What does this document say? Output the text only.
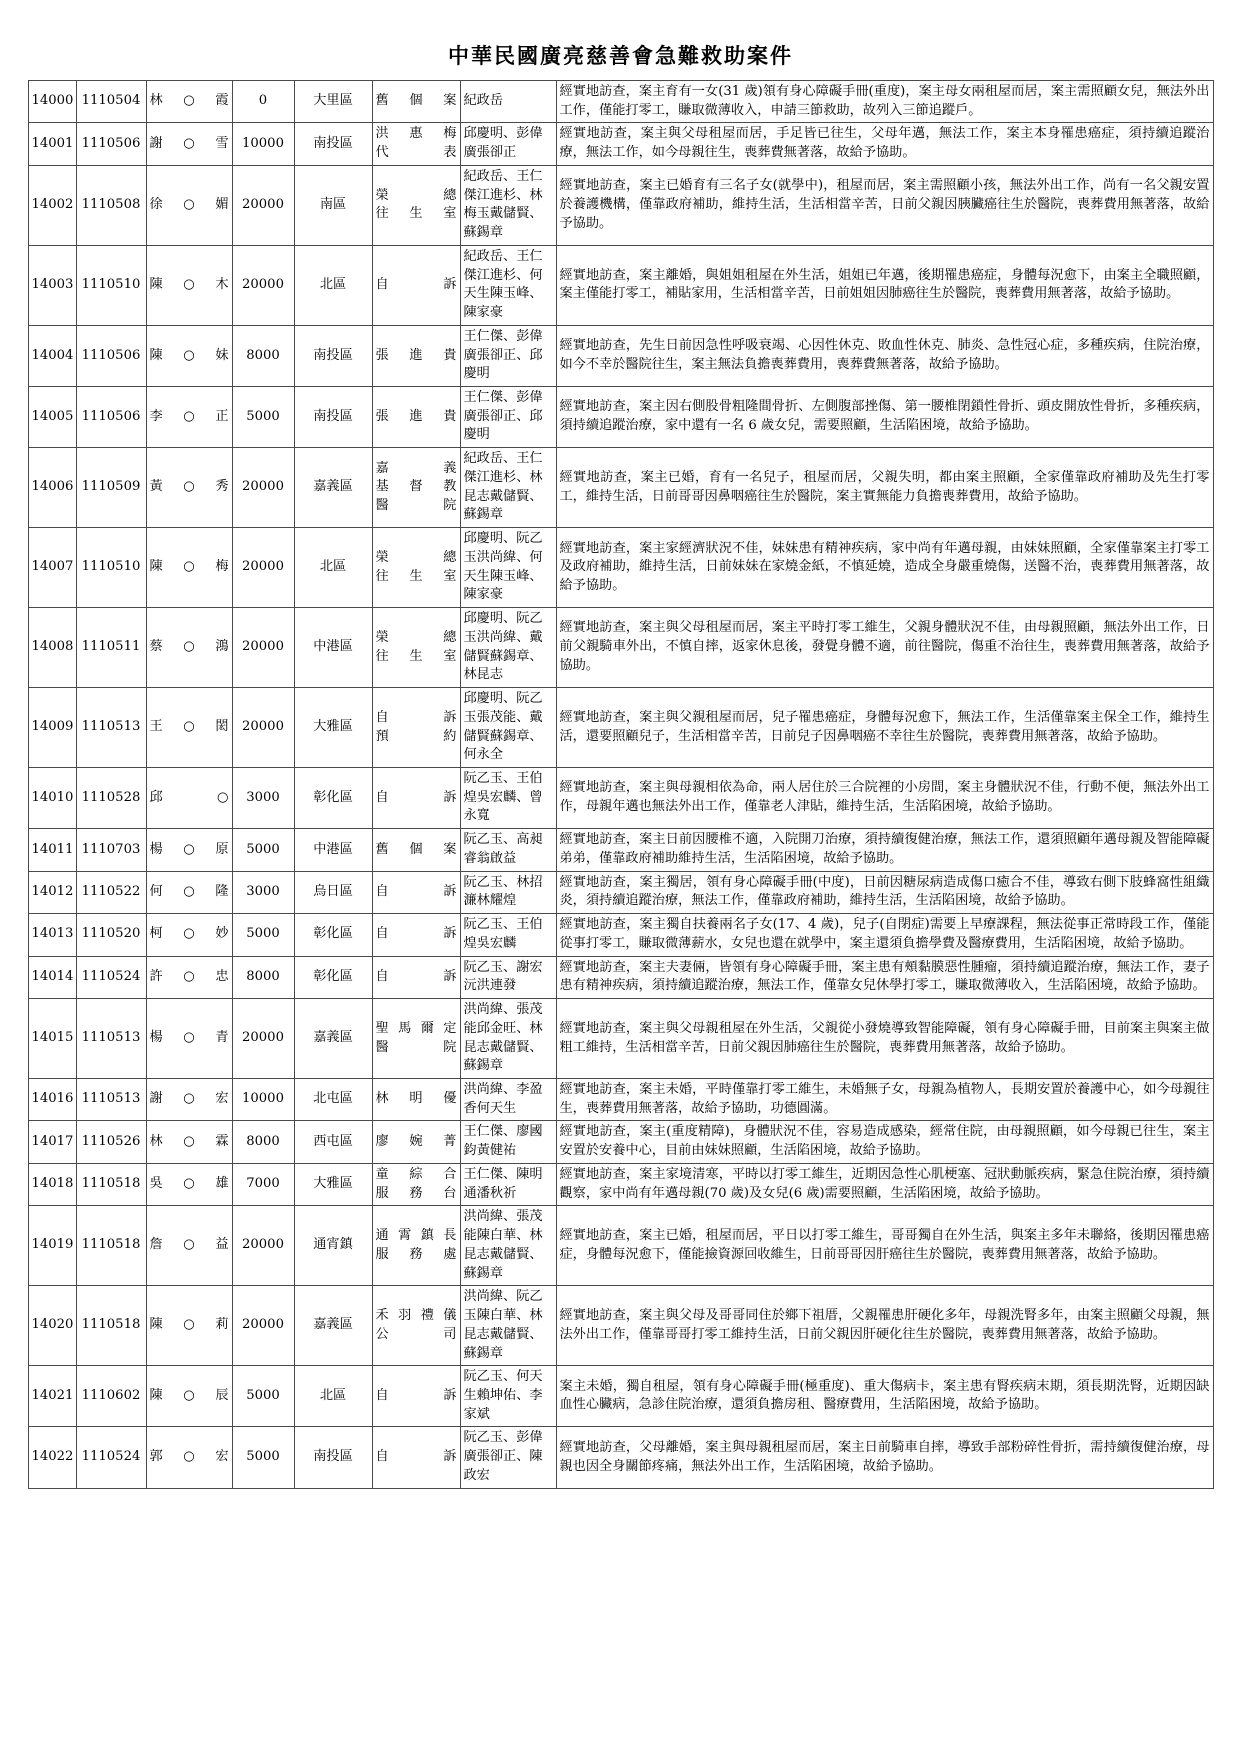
中華民國廣亮慈善會急難救助案件
14000	1110504	林 ○ 霞	0	大里區	舊 個 案	紀政岳	經實地訪查，案主育有一女(31 歲)領有身心障礙手冊(重度)，案主母女兩租屋而居，案主需照顧女兒，無法外出工作，僅能打零工，賺取微薄收入，申請三節救助，故列入三節追蹤戶。
14001	1110506	謝 ○ 雪	10000	南投區	洪 惠 梅
代 表	邱慶明、彭偉廣張卻正	經實地訪查，案主與父母租屋而居，手足皆已往生，父母年邁，無法工作，案主本身罹患癌症，須持續追蹤治療，無法工作，如今母親往生，喪葬費無著落，故給予協助。
14002	1110508	徐 ○ 媚	20000	南區	榮 總
往 生 室	紀政岳、王仁傑江進杉、林梅玉戴儲賢、蘇錫章	經實地訪查，案主已婚育有三名子女(就學中)，租屋而居，案主需照顧小孩，無法外出工作，尚有一名父親安置於養護機構，僅靠政府補助，維持生活，生活相當辛苦，日前父親因胰臟癌往生於醫院，喪葬費用無著落，故給予協助。
14003	1110510	陳 ○ 木	20000	北區	自 訴	紀政岳、王仁傑江進杉、何天生陳玉峰、陳家豪	經實地訪查，案主離婚，與姐姐租屋在外生活，姐姐已年邁，後期罹患癌症，身體每況愈下，由案主全職照顧，案主僅能打零工，補貼家用，生活相當辛苦，日前姐姐因肺癌往生於醫院，喪葬費用無著落，故給予協助。
14004	1110506	陳 ○ 妹	8000	南投區	張 進 貴	王仁傑、彭偉廣張卻正、邱慶明	經實地訪查，先生日前因急性呼吸衰竭、心因性休克、敗血性休克、肺炎、急性冠心症，多種疾病，住院治療，如今不幸於醫院往生，案主無法負擔喪葬費用，喪葬費無著落，故給予協助。
14005	1110506	李 ○ 正	5000	南投區	張 進 貴	王仁傑、彭偉廣張卻正、邱慶明	經實地訪查，案主因右側股骨粗隆間骨折、左側腹部挫傷、第一腰椎閉鎖性骨折、頭皮開放性骨折，多種疾病，須持續追蹤治療，家中還有一名 6 歲女兒，需要照顧，生活陷困境，故給予協助。
14006	1110509	黃 ○ 秀	20000	嘉義區	嘉 義
基 督 教
醫 院	紀政岳、王仁傑江進杉、林昆志戴儲賢、蘇錫章	經實地訪查，案主已婚，育有一名兒子，租屋而居，父親失明，都由案主照顧，全家僅靠政府補助及先生打零工，維持生活，日前哥哥因鼻咽癌往生於醫院，案主實無能力負擔喪葬費用，故給予協助。
14007	1110510	陳 ○ 梅	20000	北區	榮 總
往 生 室	邱慶明、阮乙玉洪尚緯、何天生陳玉峰、陳家豪	經實地訪查，案主家經濟狀況不佳，妹妹患有精神疾病，家中尚有年邁母親，由妹妹照顧，全家僅靠案主打零工及政府補助，維持生活，日前妹妹在家燒金紙，不慎延燒，造成全身嚴重燒傷，送醫不治，喪葬費用無著落，故給予協助。
14008	1110511	蔡 ○ 鴻	20000	中港區	榮 總
往 生 室	邱慶明、阮乙玉洪尚緯、戴儲賢蘇錫章、林昆志	經實地訪查，案主與父母租屋而居，案主平時打零工維生，父親身體狀況不佳，由母親照顧，無法外出工作，日前父親騎車外出，不慎自摔，返家休息後，發覺身體不適，前往醫院，傷重不治往生，喪葬費用無著落，故給予協助。
14009	1110513	王 ○ 閎	20000	大雅區	自 訴
預 約	邱慶明、阮乙玉張茂能、戴儲賢蘇錫章、何永全	經實地訪查，案主與父親租屋而居，兒子罹患癌症，身體每況愈下，無法工作，生活僅靠案主保全工作，維持生活，還要照顧兒子，生活相當辛苦，日前兒子因鼻咽癌不幸往生於醫院，喪葬費用無著落，故給予協助。
14010	1110528	邱 ○	3000	彰化區	自 訴	阮乙玉、王伯煌吳宏麟、曾永寬	經實地訪查，案主與母親相依為命，兩人居住於三合院裡的小房間，案主身體狀況不佳，行動不便，無法外出工作，母親年邁也無法外出工作，僅靠老人津貼，維持生活，生活陷困境，故給予協助。
14011	1110703	楊 ○ 原	5000	中港區	舊 個 案	阮乙玉、高昶睿翁啟益	經實地訪查，案主日前因腰椎不適，入院開刀治療，須持續復健治療，無法工作，還須照顧年邁母親及智能障礙弟弟，僅靠政府補助維持生活，生活陷困境，故給予協助。
14012	1110522	何 ○ 隆	3000	烏日區	自 訴	阮乙玉、林招濂林耀煌	經實地訪查，案主獨居，領有身心障礙手冊(中度)，日前因糖尿病造成傷口癒合不佳，導致右側下肢蜂窩性組織炎，須持續追蹤治療，無法工作，僅靠政府補助，維持生活，生活陷困境，故給予協助。
14013	1110520	柯 ○ 妙	5000	彰化區	自 訴	阮乙玉、王伯煌吳宏麟	經實地訪查，案主獨自扶養兩名子女(17、4 歲)，兒子(自閉症)需要上早療課程，無法從事正常時段工作，僅能從事打零工，賺取微薄薪水，女兒也還在就學中，案主還須負擔學費及醫療費用，生活陷困境，故給予協助。
14014	1110524	許 ○ 忠	8000	彰化區	自 訴	阮乙玉、謝宏沅洪連發	經實地訪查，案主夫妻倆，皆領有身心障礙手冊，案主患有頰黏膜惡性腫瘤，須持續追蹤治療，無法工作，妻子患有精神疾病，須持續追蹤治療，無法工作，僅靠女兒休學打零工，賺取微薄收入，生活陷困境，故給予協助。
14015	1110513	楊 ○ 青	20000	嘉義區	聖 馬 爾 定
醫 院	洪尚緯、張茂能邱金旺、林昆志戴儲賢、蘇錫章	經實地訪查，案主與父母親租屋在外生活，父親從小發燒導致智能障礙，領有身心障礙手冊，目前案主與案主做粗工維持，生活相當辛苦，日前父親因肺癌往生於醫院，喪葬費用無著落，故給予協助。
14016	1110513	謝 ○ 宏	10000	北屯區	林 明 優	洪尚緯、李盈香何天生	經實地訪查，案主未婚，平時僅靠打零工維生，未婚無子女，母親為植物人，長期安置於養護中心，如今母親往生，喪葬費用無著落，故給予協助，功德圓滿。
14017	1110526	林 ○ 霖	8000	西屯區	廖 婉 菁	王仁傑、廖國鈞黃健祐	經實地訪查，案主(重度精障)，身體狀況不佳，容易造成感染，經常住院，由母親照顧，如今母親已往生，案主安置於安養中心，目前由妹妹照顧，生活陷困境，故給予協助。
14018	1110518	吳 ○ 雄	7000	大雅區	童 綜 合
服 務 台	王仁傑、陳明通潘秋祈	經實地訪查，案主家境清寒，平時以打零工維生，近期因急性心肌梗塞、冠狀動脈疾病，緊急住院治療，須持續觀察，家中尚有年邁母親(70 歲)及女兒(6 歲)需要照顧，生活陷困境，故給予協助。
14019	1110518	詹 ○ 益	20000	通宵鎮	通 霄 鎮 長
服 務 處	洪尚緯、張茂能陳白華、林昆志戴儲賢、蘇錫章	經實地訪查，案主已婚，租屋而居，平日以打零工維生，哥哥獨自在外生活，與案主多年未聯絡，後期因罹患癌症，身體每況愈下，僅能撿資源回收維生，日前哥哥因肝癌往生於醫院，喪葬費用無著落，故給予協助。
14020	1110518	陳 ○ 莉	20000	嘉義區	禾 羽 禮 儀
公 司	洪尚緯、阮乙玉陳白華、林昆志戴儲賢、蘇錫章	經實地訪查，案主與父母及哥哥同住於鄉下祖厝，父親罹患肝硬化多年，母親洗腎多年，由案主照顧父母親，無法外出工作，僅靠哥哥打零工維持生活，日前父親因肝硬化往生於醫院，喪葬費用無著落，故給予協助。
14021	1110602	陳 ○ 辰	5000	北區	自 訴	阮乙玉、何天生賴坤佑、李家斌	案主未婚，獨自租屋，領有身心障礙手冊(極重度)、重大傷病卡，案主患有腎疾病末期，須長期洗腎，近期因缺血性心臟病，急診住院治療，還須負擔房租、醫療費用，生活陷困境，故給予協助。
14022	1110524	郭 ○ 宏	5000	南投區	自 訴	阮乙玉、彭偉廣張卻正、陳政宏	經實地訪查，父母離婚，案主與母親租屋而居，案主日前騎車自摔，導致手部粉碎性骨折，需持續復健治療，母親也因全身關節疼痛，無法外出工作，生活陷困境，故給予協助。
